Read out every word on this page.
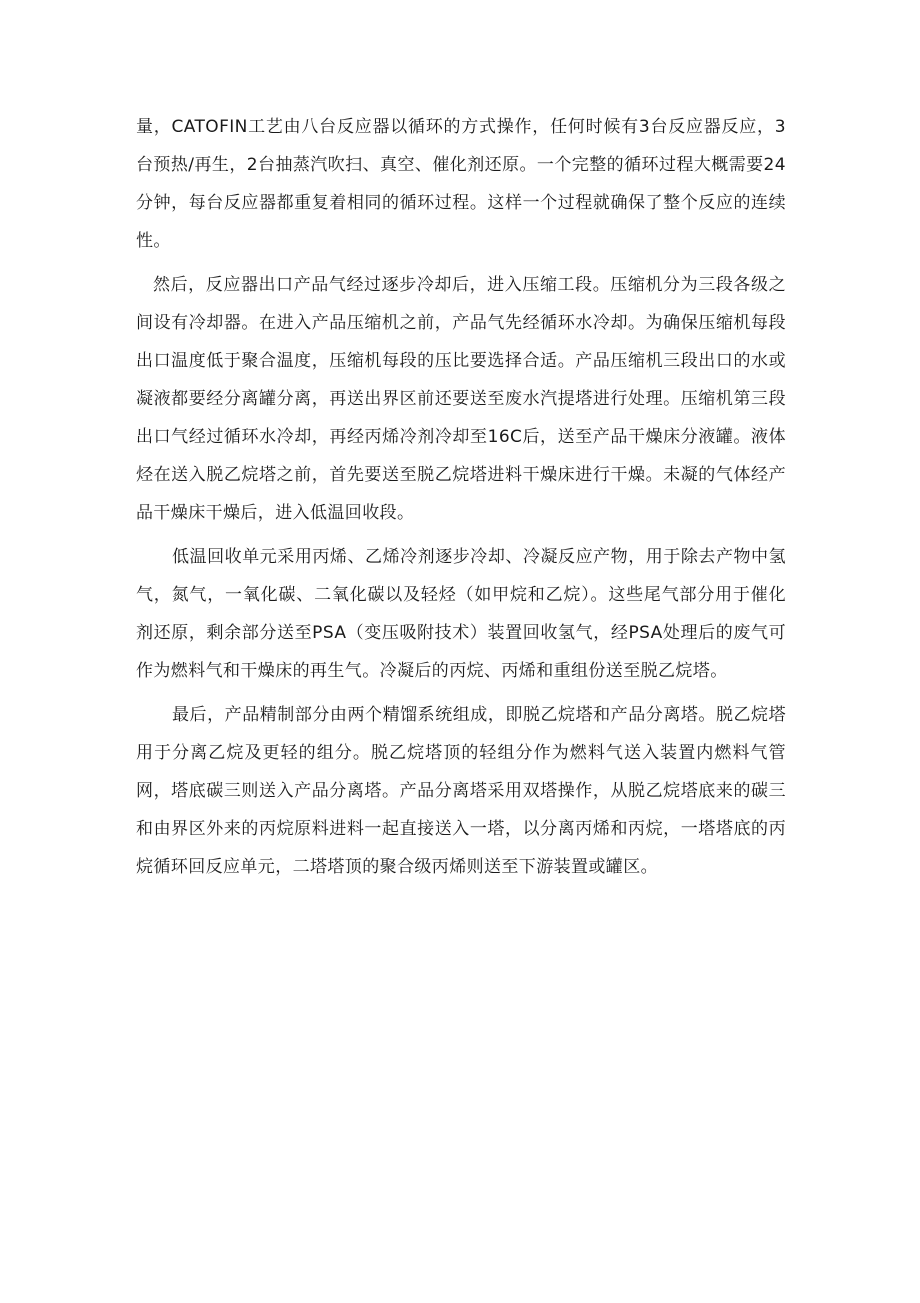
量，CATOFIN工艺由八台反应器以循环的方式操作，任何时候有3台反应器反应，3台预热/再生，2台抽蒸汽吹扫、真空、催化剂还原。一个完整的循环过程大概需要24分钟，每台反应器都重复着相同的循环过程。这样一个过程就确保了整个反应的连续性。

然后，反应器出口产品气经过逐步冷却后，进入压缩工段。压缩机分为三段各级之间设有冷却器。在进入产品压缩机之前，产品气先经循环水冷却。为确保压缩机每段出口温度低于聚合温度，压缩机每段的压比要选择合适。产品压缩机三段出口的水或凝液都要经分离罐分离，再送出界区前还要送至废水汽提塔进行处理。压缩机第三段出口气经过循环水冷却，再经丙烯冷剂冷却至16C后，送至产品干燥床分液罐。液体烃在送入脱乙烷塔之前，首先要送至脱乙烷塔进料干燥床进行干燥。未凝的气体经产品干燥床干燥后，进入低温回收段。

低温回收单元采用丙烯、乙烯冷剂逐步冷却、冷凝反应产物，用于除去产物中氢气，氮气，一氧化碳、二氧化碳以及轻烃（如甲烷和乙烷）。这些尾气部分用于催化剂还原，剩余部分送至PSA（变压吸附技术）装置回收氢气，经PSA处理后的废气可作为燃料气和干燥床的再生气。冷凝后的丙烷、丙烯和重组份送至脱乙烷塔。

最后，产品精制部分由两个精馏系统组成，即脱乙烷塔和产品分离塔。脱乙烷塔用于分离乙烷及更轻的组分。脱乙烷塔顶的轻组分作为燃料气送入装置内燃料气管网，塔底碳三则送入产品分离塔。产品分离塔采用双塔操作，从脱乙烷塔底来的碳三和由界区外来的丙烷原料进料一起直接送入一塔，以分离丙烯和丙烷，一塔塔底的丙烷循环回反应单元，二塔塔顶的聚合级丙烯则送至下游装置或罐区。
